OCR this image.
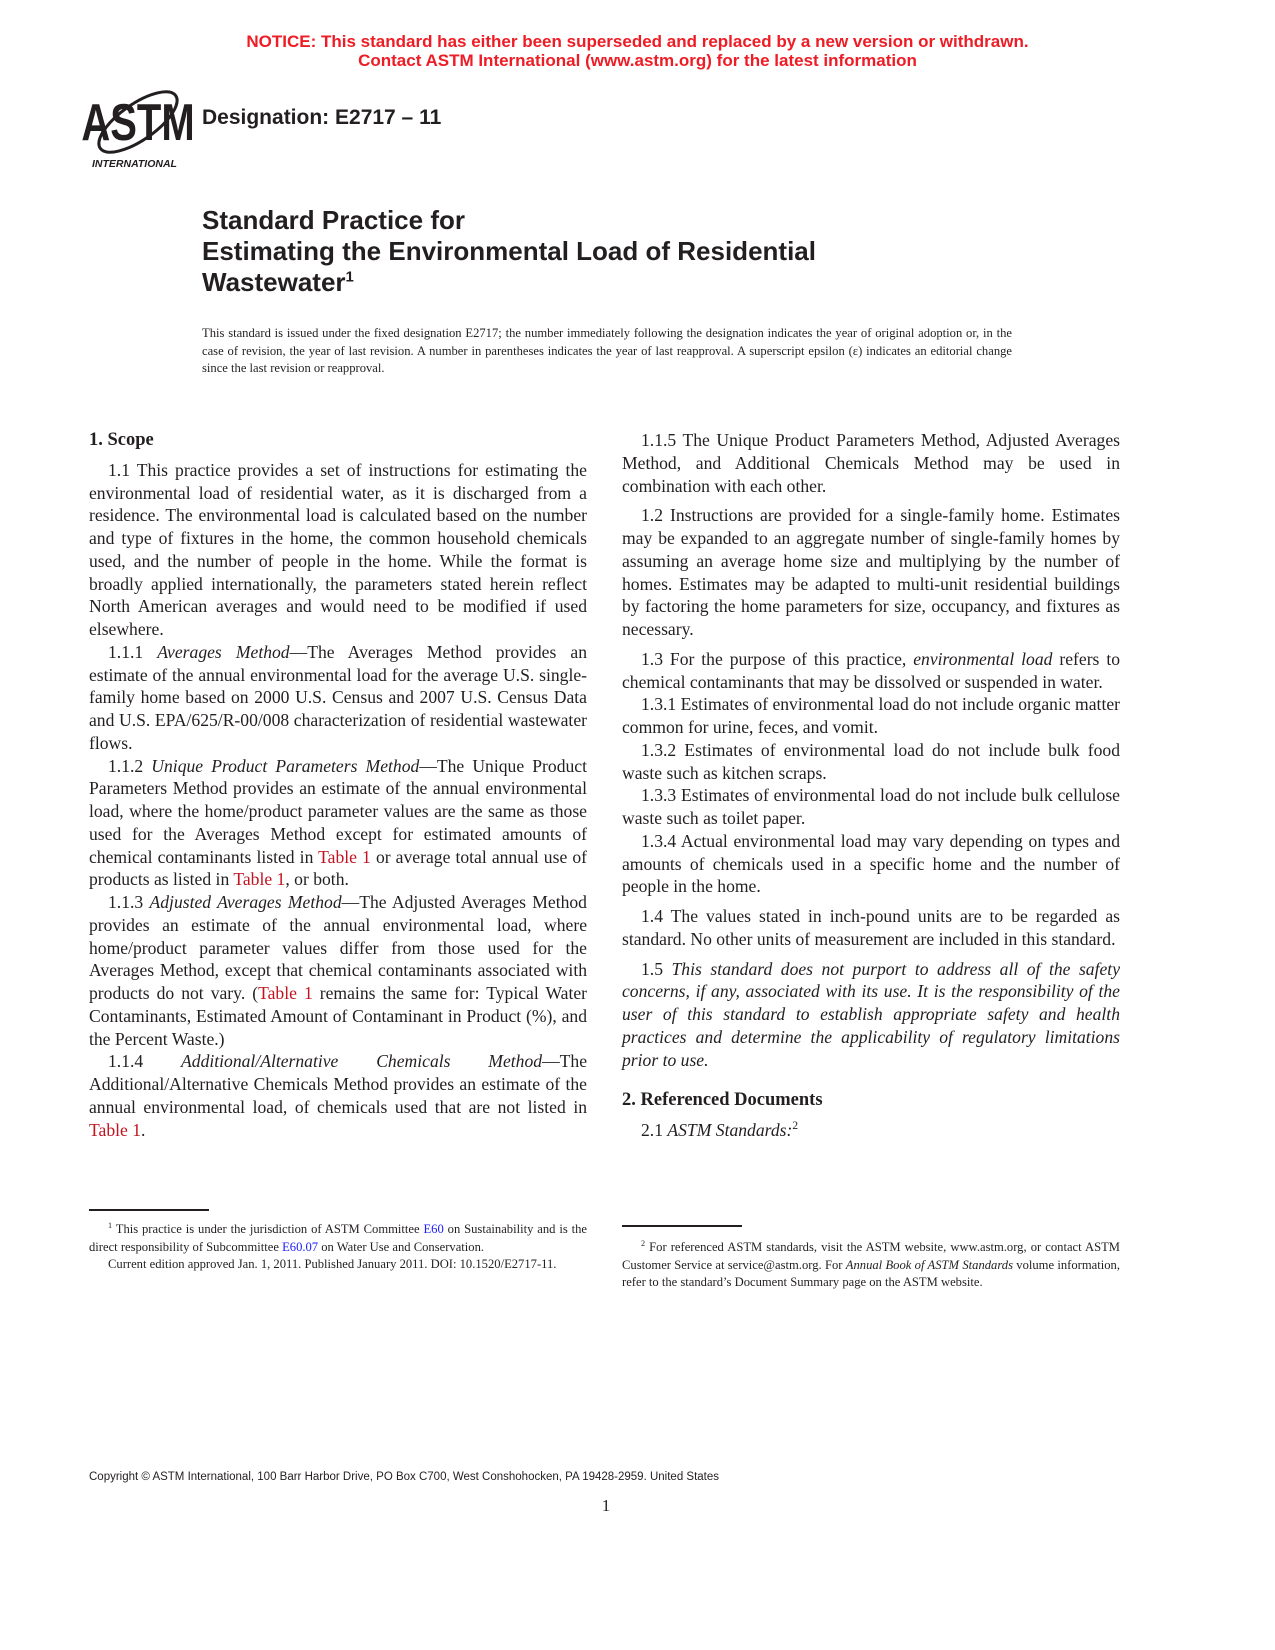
NOTICE: This standard has either been superseded and replaced by a new version or withdrawn.
Contact ASTM International (www.astm.org) for the latest information
ASTM
INTERNATIONAL
Designation: E2717 – 11
Standard Practice for
Estimating the Environmental Load of Residential
Wastewater$^1$
This standard is issued under the fixed designation E2717; the number immediately following the designation indicates the year of original adoption or, in the case of revision, the year of last revision. A number in parentheses indicates the year of last reapproval. A superscript epsilon (ε) indicates an editorial change since the last revision or reapproval.
1. Scope

1.1 This practice provides a set of instructions for estimating the environmental load of residential water, as it is discharged from a residence. The environmental load is calculated based on the number and type of fixtures in the home, the common household chemicals used, and the number of people in the home. While the format is broadly applied internationally, the parameters stated herein reflect North American averages and would need to be modified if used elsewhere.

1.1.1 Averages Method—The Averages Method provides an estimate of the annual environmental load for the average U.S. single-family home based on 2000 U.S. Census and 2007 U.S. Census Data and U.S. EPA/625/R-00/008 characterization of residential wastewater flows.

1.1.2 Unique Product Parameters Method—The Unique Product Parameters Method provides an estimate of the annual environmental load, where the home/product parameter values are the same as those used for the Averages Method except for estimated amounts of chemical contaminants listed in Table 1 or average total annual use of products as listed in Table 1, or both.

1.1.3 Adjusted Averages Method—The Adjusted Averages Method provides an estimate of the annual environmental load, where home/product parameter values differ from those used for the Averages Method, except that chemical contaminants associated with products do not vary. (Table 1 remains the same for: Typical Water Contaminants, Estimated Amount of Contaminant in Product (%), and the Percent Waste.)

1.1.4 Additional/Alternative Chemicals Method—The Additional/Alternative Chemicals Method provides an estimate of the annual environmental load, of chemicals used that are not listed in Table 1.

1.1.5 The Unique Product Parameters Method, Adjusted Averages Method, and Additional Chemicals Method may be used in combination with each other.

1.2 Instructions are provided for a single-family home. Estimates may be expanded to an aggregate number of single-family homes by assuming an average home size and multiplying by the number of homes. Estimates may be adapted to multi-unit residential buildings by factoring the home parameters for size, occupancy, and fixtures as necessary.

1.3 For the purpose of this practice, environmental load refers to chemical contaminants that may be dissolved or suspended in water.

1.3.1 Estimates of environmental load do not include organic matter common for urine, feces, and vomit.

1.3.2 Estimates of environmental load do not include bulk food waste such as kitchen scraps.

1.3.3 Estimates of environmental load do not include bulk cellulose waste such as toilet paper.

1.3.4 Actual environmental load may vary depending on types and amounts of chemicals used in a specific home and the number of people in the home.

1.4 The values stated in inch-pound units are to be regarded as standard. No other units of measurement are included in this standard.

1.5 This standard does not purport to address all of the safety concerns, if any, associated with its use. It is the responsibility of the user of this standard to establish appropriate safety and health practices and determine the applicability of regulatory limitations prior to use.

2. Referenced Documents

2.1 ASTM Standards:$^2$

$^1$ This practice is under the jurisdiction of ASTM Committee E60 on Sustainability and is the direct responsibility of Subcommittee E60.07 on Water Use and Conservation.

Current edition approved Jan. 1, 2011. Published January 2011. DOI: 10.1520/E2717-11.

$^2$ For referenced ASTM standards, visit the ASTM website, www.astm.org, or contact ASTM Customer Service at service@astm.org. For Annual Book of ASTM Standards volume information, refer to the standard’s Document Summary page on the ASTM website.

Copyright © ASTM International, 100 Barr Harbor Drive, PO Box C700, West Conshohocken, PA 19428-2959. United States
1
